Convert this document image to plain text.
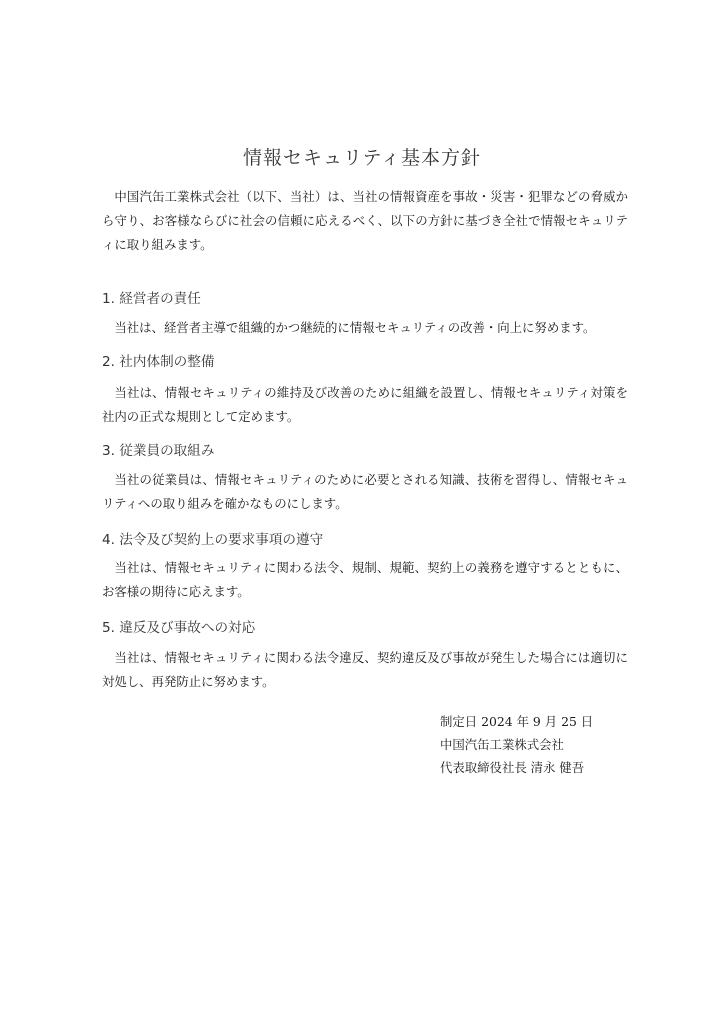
情報セキュリティ基本方針

中国汽缶工業株式会社（以下、当社）は、当社の情報資産を事故・災害・犯罪などの脅威から守り、お客様ならびに社会の信頼に応えるべく、以下の方針に基づき全社で情報セキュリティに取り組みます。

1. 経営者の責任

当社は、経営者主導で組織的かつ継続的に情報セキュリティの改善・向上に努めます。

2. 社内体制の整備

当社は、情報セキュリティの維持及び改善のために組織を設置し、情報セキュリティ対策を社内の正式な規則として定めます。

3. 従業員の取組み

当社の従業員は、情報セキュリティのために必要とされる知識、技術を習得し、情報セキュリティへの取り組みを確かなものにします。

4. 法令及び契約上の要求事項の遵守

当社は、情報セキュリティに関わる法令、規制、規範、契約上の義務を遵守するとともに、お客様の期待に応えます。

5. 違反及び事故への対応

当社は、情報セキュリティに関わる法令違反、契約違反及び事故が発生した場合には適切に対処し、再発防止に努めます。

制定日 2024 年 9 月 25 日
中国汽缶工業株式会社
代表取締役社長 清永 健吾
